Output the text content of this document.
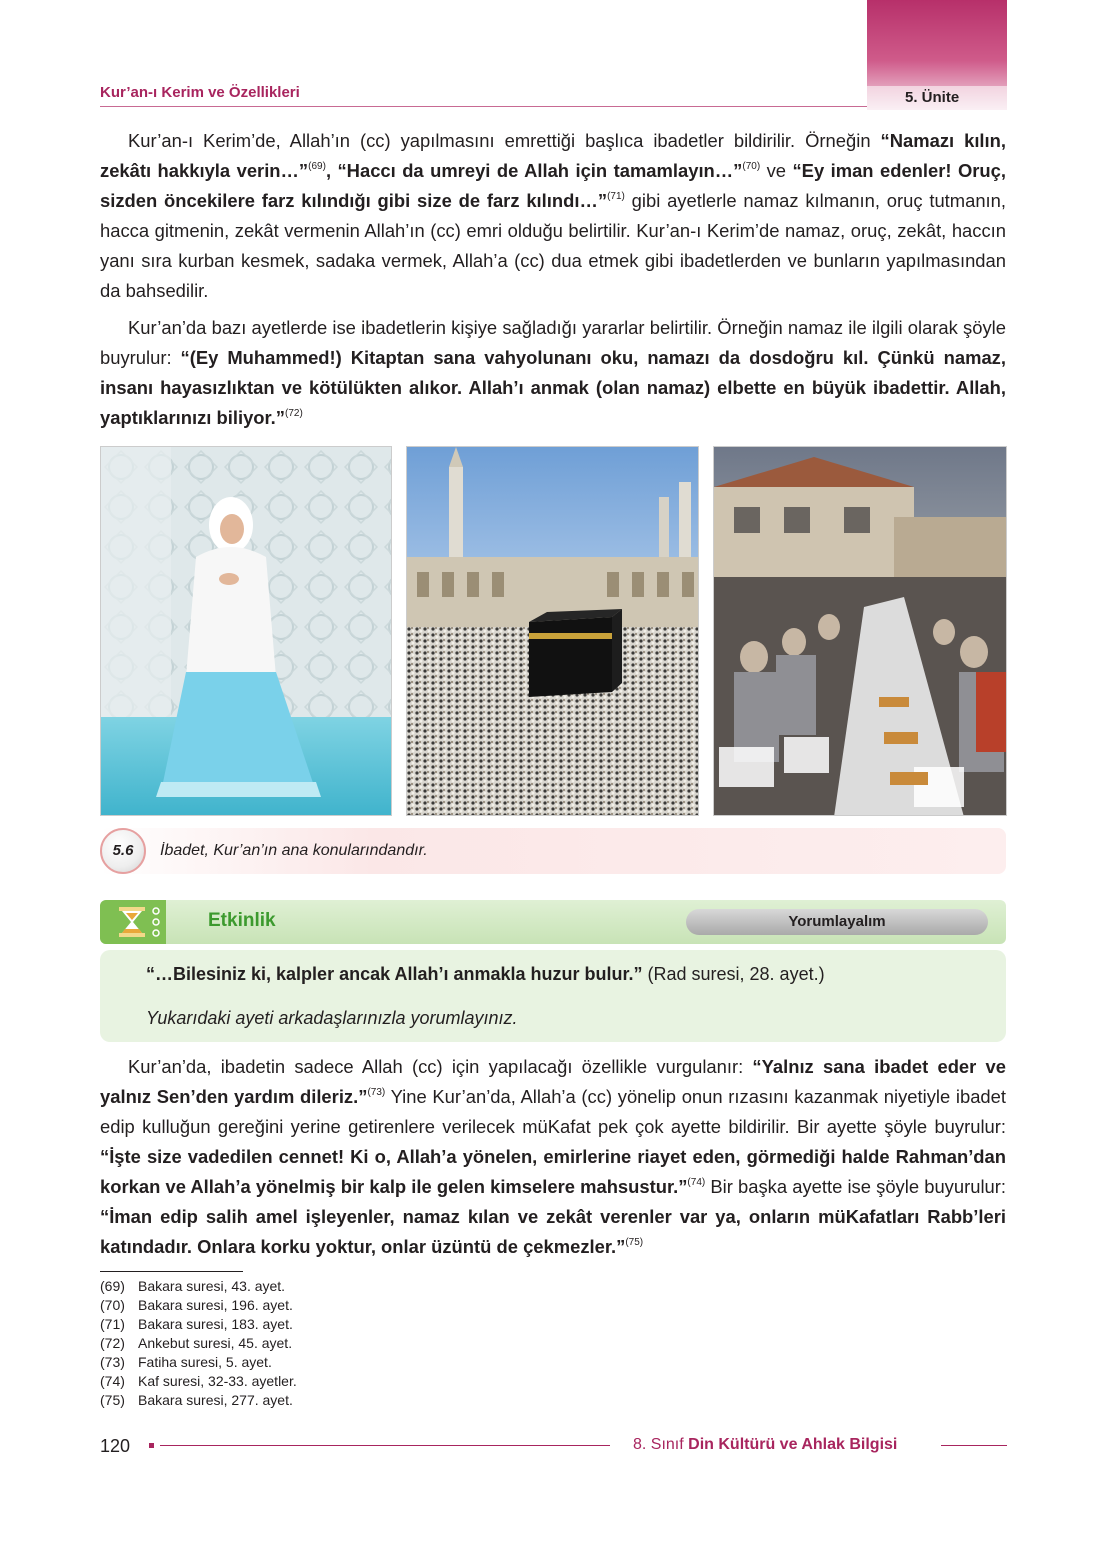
5. Ünite
Kur’an-ı Kerim ve Özellikleri

Kur’an-ı Kerim’de, Allah’ın (cc) yapılmasını emrettiği başlıca ibadetler bildirilir. Örneğin “Namazı kılın, zekâtı hakkıyla verin…”$^{(69)}$, “Haccı da umreyi de Allah için tamamlayın…”$^{(70)}$ ve “Ey iman edenler! Oruç, sizden öncekilere farz kılındığı gibi size de farz kılındı…”$^{(71)}$ gibi ayetlerle namaz kılmanın, oruç tutmanın, hacca gitmenin, zekât vermenin Allah’ın (cc) emri olduğu belirtilir. Kur’an-ı Kerim’de namaz, oruç, zekât, haccın yanı sıra kurban kesmek, sadaka vermek, Allah’a (cc) dua etmek gibi ibadetlerden ve bunların yapılmasından da bahsedilir.

Kur’an’da bazı ayetlerde ise ibadetlerin kişiye sağladığı yararlar belirtilir. Örneğin namaz ile ilgili olarak şöyle buyrulur: “(Ey Muhammed!) Kitaptan sana vahyolunanı oku, namazı da dosdoğru kıl. Çünkü namaz, insanı hayasızlıktan ve kötülükten alıkor. Allah’ı anmak (olan namaz) elbette en büyük ibadettir. Allah, yaptıklarınızı biliyor.”$^{(72)}$

5.6	İbadet, Kur’an’ın ana konularındandır.
Etkinlik	Yorumlayalım
“…Bilesiniz ki, kalpler ancak Allah’ı anmakla huzur bulur.” (Rad suresi, 28. ayet.)
Yukarıdaki ayeti arkadaşlarınızla yorumlayınız.

Kur’an’da, ibadetin sadece Allah (cc) için yapılacağı özellikle vurgulanır: “Yalnız sana ibadet eder ve yalnız Sen’den yardım dileriz.”$^{(73)}$ Yine Kur’an’da, Allah’a (cc) yönelip onun rızasını kazanmak niyetiyle ibadet edip kulluğun gereğini yerine getirenlere verilecek müKafat pek çok ayette bildirilir. Bir ayette şöyle buyrulur: “İşte size vadedilen cennet! Ki o, Allah’a yönelen, emirlerine riayet eden, görmediği halde Rahman’dan korkan ve Allah’a yönelmiş bir kalp ile gelen kimselere mahsustur.”$^{(74)}$ Bir başka ayette ise şöyle buyurulur: “İman edip salih amel işleyenler, namaz kılan ve zekât verenler var ya, onların müKafatları Rabb’leri katındadır. Onlara korku yoktur, onlar üzüntü de çekmezler.”$^{(75)}$

(69) Bakara suresi, 43. ayet.
(70) Bakara suresi, 196. ayet.
(71) Bakara suresi, 183. ayet.
(72) Ankebut suresi, 45. ayet.
(73) Fatiha suresi, 5. ayet.
(74) Kaf suresi, 32-33. ayetler.
(75) Bakara suresi, 277. ayet.
120	8. Sınıf Din Kültürü ve Ahlak Bilgisi
